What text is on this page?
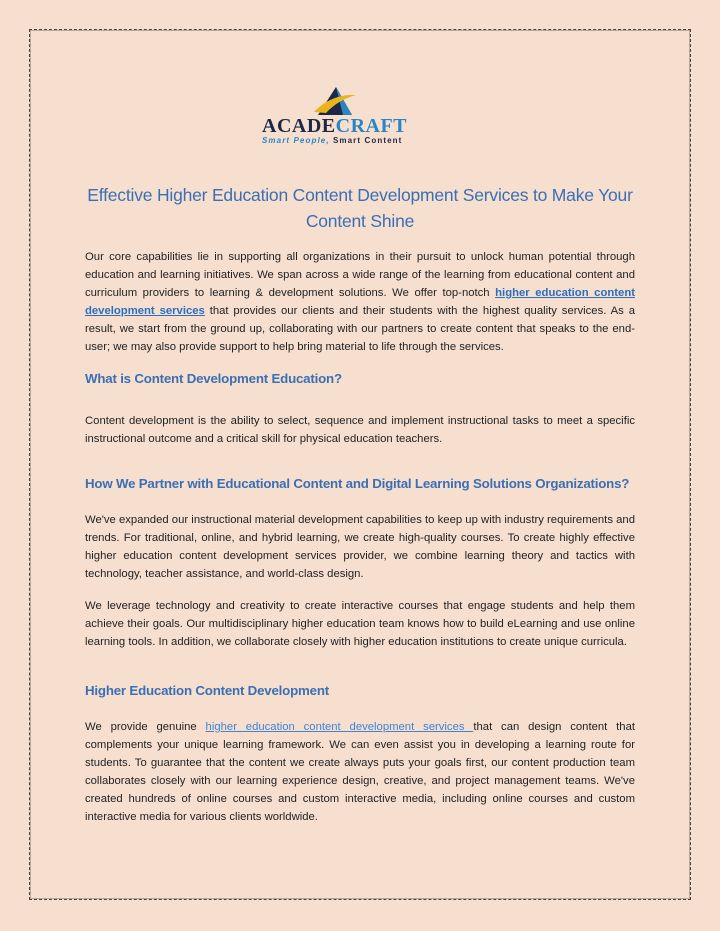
ACADECRAFT
Smart People, Smart Content
Effective Higher Education Content Development Services to Make Your Content Shine

Our core capabilities lie in supporting all organizations in their pursuit to unlock human potential through education and learning initiatives. We span across a wide range of the learning from educational content and curriculum providers to learning & development solutions. We offer top-notch higher education content development services that provides our clients and their students with the highest quality services. As a result, we start from the ground up, collaborating with our partners to create content that speaks to the end-user; we may also provide support to help bring material to life through the services.

What is Content Development Education?

Content development is the ability to select, sequence and implement instructional tasks to meet a specific instructional outcome and a critical skill for physical education teachers.

How We Partner with Educational Content and Digital Learning Solutions Organizations?

We've expanded our instructional material development capabilities to keep up with industry requirements and trends. For traditional, online, and hybrid learning, we create high-quality courses. To create highly effective higher education content development services provider, we combine learning theory and tactics with technology, teacher assistance, and world-class design.

We leverage technology and creativity to create interactive courses that engage students and help them achieve their goals. Our multidisciplinary higher education team knows how to build eLearning and use online learning tools. In addition, we collaborate closely with higher education institutions to create unique curricula.

Higher Education Content Development

We provide genuine higher education content development services that can design content that complements your unique learning framework. We can even assist you in developing a learning route for students. To guarantee that the content we create always puts your goals first, our content production team collaborates closely with our learning experience design, creative, and project management teams. We've created hundreds of online courses and custom interactive media, including online courses and custom interactive media for various clients worldwide.
